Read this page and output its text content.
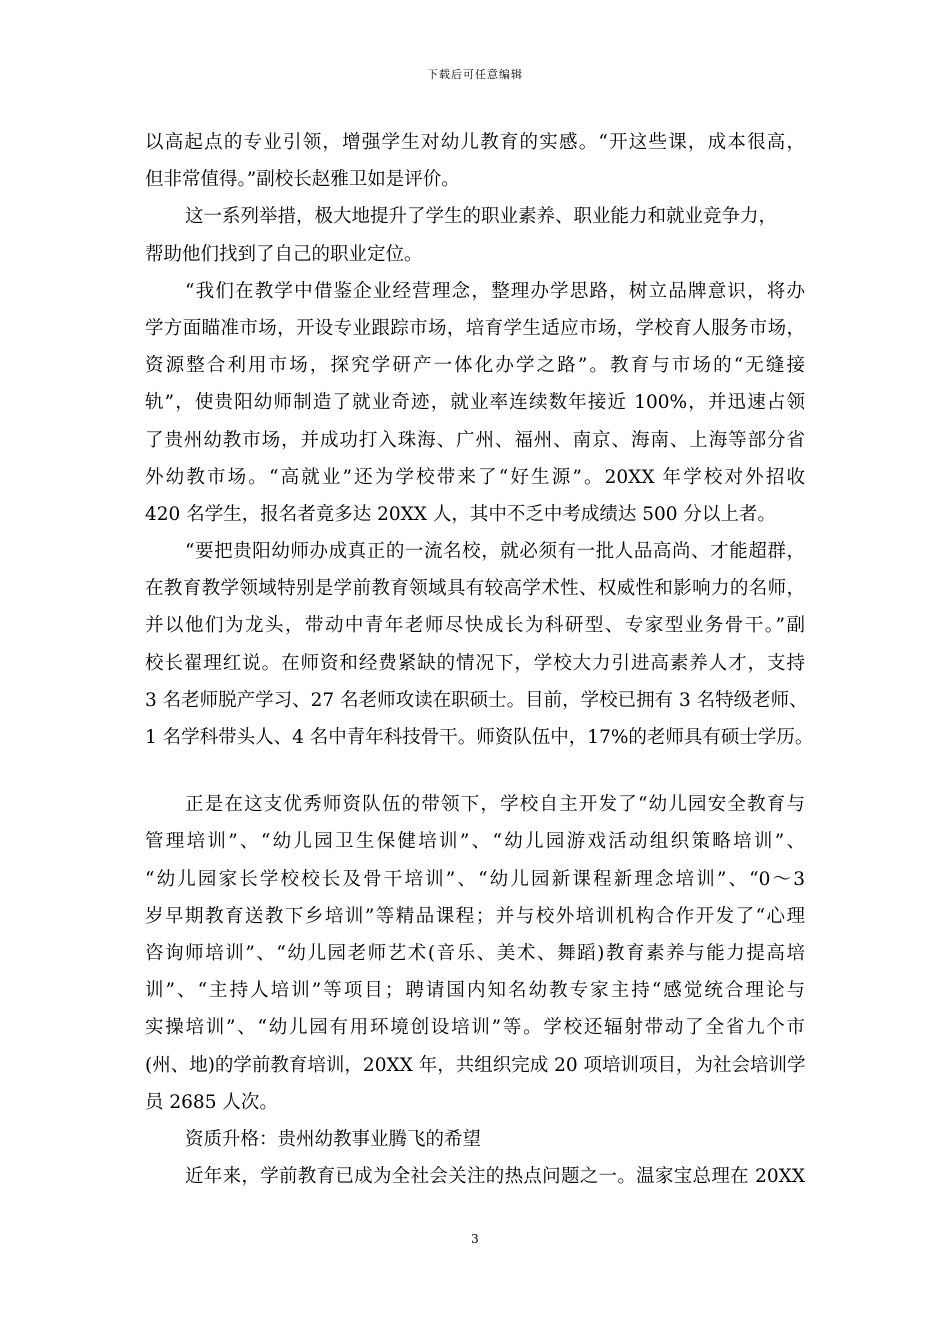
下载后可任意编辑
以高起点的专业引领，增强学生对幼儿教育的实感。“开这些课，成本很高，
但非常值得。”副校长赵雅卫如是评价。
这一系列举措，极大地提升了学生的职业素养、职业能力和就业竞争力，
帮助他们找到了自己的职业定位。
“我们在教学中借鉴企业经营理念，整理办学思路，树立品牌意识，将办
学方面瞄准市场，开设专业跟踪市场，培育学生适应市场，学校育人服务市场，
资源整合利用市场，探究学研产一体化办学之路”。教育与市场的“无缝接
轨”，使贵阳幼师制造了就业奇迹，就业率连续数年接近 100%，并迅速占领
了贵州幼教市场，并成功打入珠海、广州、福州、南京、海南、上海等部分省
外幼教市场。“高就业”还为学校带来了“好生源”。20XX 年学校对外招收
420 名学生，报名者竟多达 20XX 人，其中不乏中考成绩达 500 分以上者。
“要把贵阳幼师办成真正的一流名校，就必须有一批人品高尚、才能超群，
在教育教学领域特别是学前教育领域具有较高学术性、权威性和影响力的名师，
并以他们为龙头，带动中青年老师尽快成长为科研型、专家型业务骨干。”副
校长翟理红说。在师资和经费紧缺的情况下，学校大力引进高素养人才，支持
3 名老师脱产学习、27 名老师攻读在职硕士。目前，学校已拥有 3 名特级老师、
1 名学科带头人、4 名中青年科技骨干。师资队伍中，17%的老师具有硕士学历。
正是在这支优秀师资队伍的带领下，学校自主开发了“幼儿园安全教育与
管理培训”、“幼儿园卫生保健培训”、“幼儿园游戏活动组织策略培训”、
“幼儿园家长学校校长及骨干培训”、“幼儿园新课程新理念培训”、“0～3
岁早期教育送教下乡培训”等精品课程；并与校外培训机构合作开发了“心理
咨询师培训”、“幼儿园老师艺术(音乐、美术、舞蹈)教育素养与能力提高培
训”、“主持人培训”等项目；聘请国内知名幼教专家主持“感觉统合理论与
实操培训”、“幼儿园有用环境创设培训”等。学校还辐射带动了全省九个市
(州、地)的学前教育培训，20XX 年，共组织完成 20 项培训项目，为社会培训学
员 2685 人次。
资质升格：贵州幼教事业腾飞的希望
近年来，学前教育已成为全社会关注的热点问题之一。温家宝总理在 20XX
3
